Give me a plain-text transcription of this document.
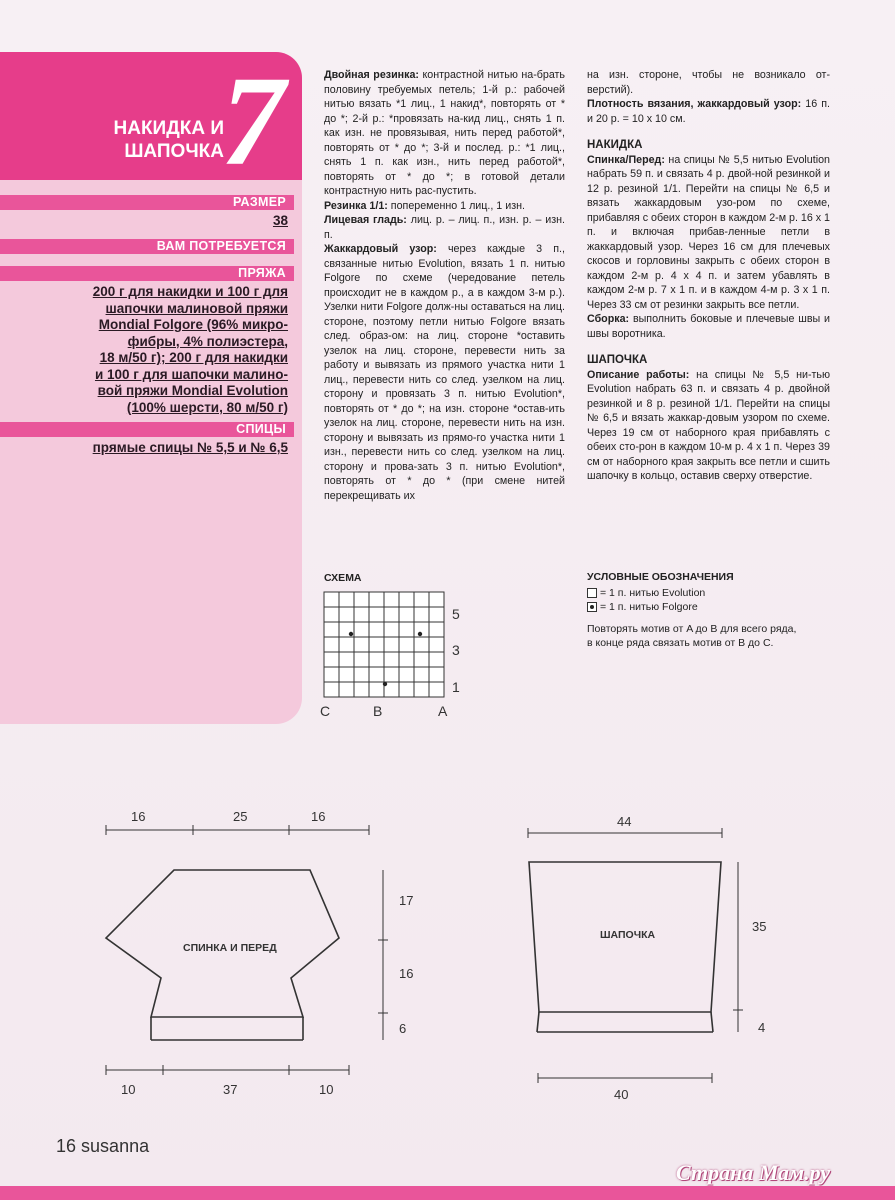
НАКИДКА И
ШАПОЧКА
7
РАЗМЕР
38
ВАМ ПОТРЕБУЕТСЯ
ПРЯЖА
200 г для накидки и 100 г для
шапочки малиновой пряжи
Mondial Folgore (96% микро-
фибры, 4% полиэстера,
18 м/50 г); 200 г для накидки
и 100 г для шапочки малино-
вой пряжи Mondial Evolution
(100% шерсти, 80 м/50 г)
СПИЦЫ
прямые спицы № 5,5 и № 6,5

Двойная резинка: контрастной нитью на-брать половину требуемых петель; 1-й р.: рабочей нитью вязать *1 лиц., 1 накид*, повторять от * до *; 2-й р.: *провязать на-кид лиц., снять 1 п. как изн. не провязывая, нить перед работой*, повторять от * до *; 3-й и послед. р.: *1 лиц., снять 1 п. как изн., нить перед работой*, повторять от * до *; в готовой детали контрастную нить рас-пустить.

Резинка 1/1: попеременно 1 лиц., 1 изн.

Лицевая гладь: лиц. р. – лиц. п., изн. р. – изн. п.

Жаккардовый узор: через каждые 3 п., связанные нитью Evolution, вязать 1 п. нитью Folgore по схеме (чередование петель происходит не в каждом р., а в каждом 3-м р.). Узелки нити Folgore долж-ны оставаться на лиц. стороне, поэтому петли нитью Folgore вязать след. образ-ом: на лиц. стороне *оставить узелок на лиц. стороне, перевести нить за работу и вывязать из прямого участка нити 1 лиц., перевести нить со след. узелком на лиц. сторону и провязать 3 п. нитью Evolution*, повторять от * до *; на изн. стороне *остав-ить узелок на лиц. стороне, перевести нить на изн. сторону и вывязать из прямо-го участка нити 1 изн., перевести нить со след. узелком на лиц. сторону и прова-зать 3 п. нитью Evolution*, повторять от * до * (при смене нитей перекрещивать их

на изн. стороне, чтобы не возникало от-верстий).

Плотность вязания, жаккардовый узор: 16 п. и 20 р. = 10 х 10 см.

НАКИДКА

Спинка/Перед: на спицы № 5,5 нитью Evolution набрать 59 п. и связать 4 р. двой-ной резинкой и 12 р. резиной 1/1. Перейти на спицы № 6,5 и вязать жаккардовым узо-ром по схеме, прибавляя с обеих сторон в каждом 2-м р. 16 х 1 п. и включая прибав-ленные петли в жаккардовый узор. Через 16 см для плечевых скосов и горловины закрыть с обеих сторон в каждом 2-м р. 4 х 4 п. и затем убавлять в каждом 2-м р. 7 х 1 п. и в каждом 4-м р. 3 х 1 п. Через 33 см от резинки закрыть все петли.

Сборка: выполнить боковые и плечевые швы и швы воротника.

ШАПОЧКА

Описание работы: на спицы № 5,5 ни-тью Evolution набрать 63 п. и связать 4 р. двойной резинкой и 8 р. резиной 1/1. Перейти на спицы № 6,5 и вязать жаккар-довым узором по схеме. Через 19 см от наборного края прибавлять с обеих сто-рон в каждом 10-м р. 4 х 1 п. Через 39 см от наборного края закрыть все петли и сшить шапочку в кольцо, оставив сверху отверстие.

СХЕМА
5
3
1
C	B	A
УСЛОВНЫЕ ОБОЗНАЧЕНИЯ
= 1 п. нитью Evolution
= 1 п. нитью Folgore
Повторять мотив от A до B для всего ряда,
в конце ряда связать мотив от B до C.
16	25	16
17
16
6
10	37	10
СПИНКА И ПЕРЕД
44
35
4
40
ШАПОЧКА
16 susanna
Страна Мам.ру
